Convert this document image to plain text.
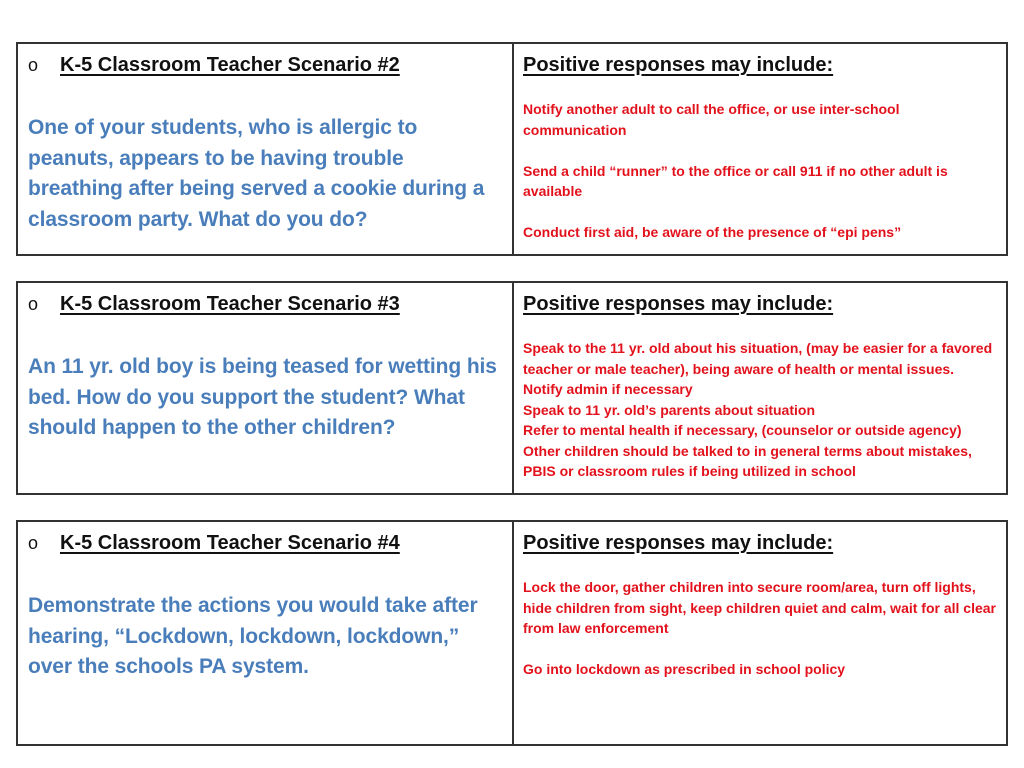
o	K-5 Classroom Teacher Scenario #2
One of your students, who is allergic to peanuts, appears to be having trouble breathing after being served a cookie during a classroom party. What do you do?
Positive responses may include:
Notify another adult to call the office, or use inter-school communication
Send a child “runner” to the office or call 911 if no other adult is available
Conduct first aid, be aware of the presence of “epi pens”
o	K-5 Classroom Teacher Scenario #3
An 11 yr. old boy is being teased for wetting his bed. How do you support the student? What should happen to the other children?
Positive responses may include:
Speak to the 11 yr. old about his situation, (may be easier for a favored teacher or male teacher), being aware of health or mental issues. Notify admin if necessary
Speak to 11 yr. old’s parents about situation
Refer to mental health if necessary, (counselor or outside agency)
Other children should be talked to in general terms about mistakes, PBIS or classroom rules if being utilized in school
o	K-5 Classroom Teacher Scenario #4
Demonstrate the actions you would take after hearing, “Lockdown, lockdown, lockdown,” over the schools PA system.
Positive responses may include:
Lock the door, gather children into secure room/area, turn off lights, hide children from sight, keep children quiet and calm, wait for all clear from law enforcement
Go into lockdown as prescribed in school policy
